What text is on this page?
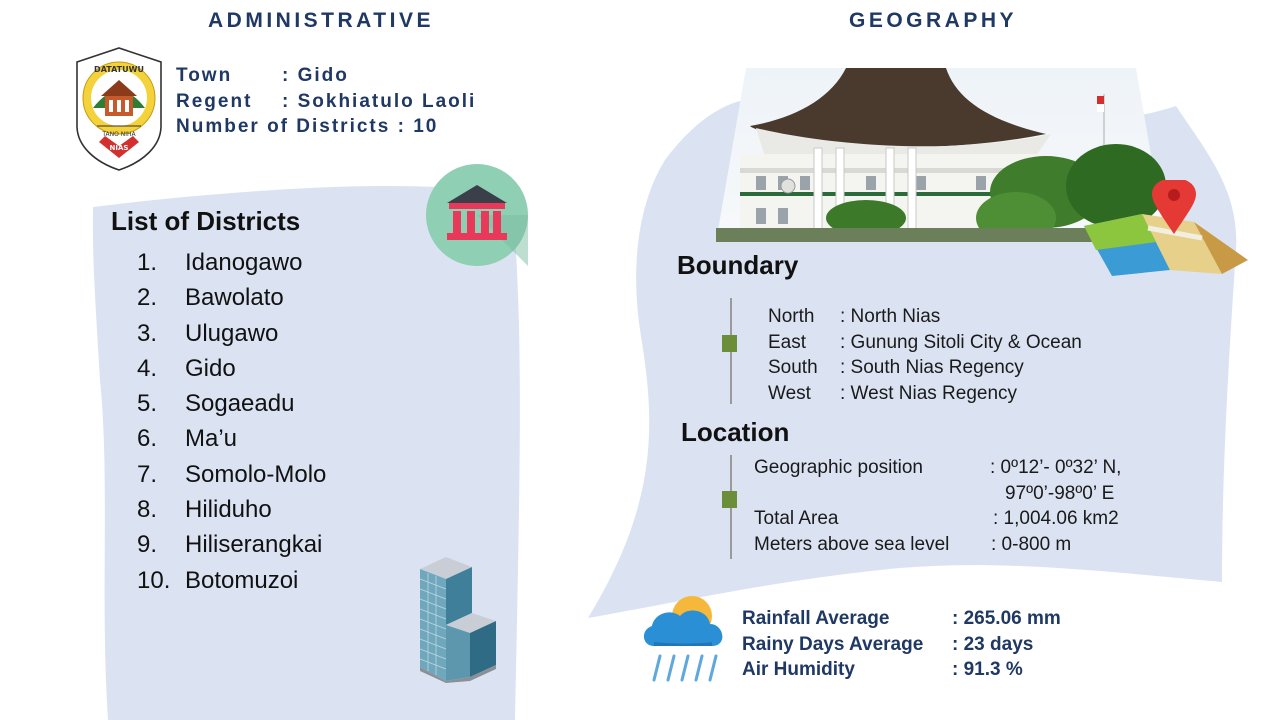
ADMINISTRATIVE	GEOGRAPHY
DATATUWU
TANO NIHA
NIAS
Town	: Gido
Regent : Sokhiatulo Laoli
Number of Districts : 10
List of Districts
1. Idanogawo
2. Bawolato
3. Ulugawo
4. Gido
5. Sogaeadu
6. Ma’u
7. Somolo-Molo
8. Hiliduho
9. Hiliserangkai
10. Botomuzoi
Boundary
North : North Nias
East : Gunung Sitoli City & Ocean
South : South Nias Regency
West : West Nias Regency
Location
Geographic position	: 0º12’- 0º32’ N,
97º0’-98º0’ E
Total Area	: 1,004.06 km2
Meters above sea level : 0-800 m
Rainfall Average	: 265.06 mm
Rainy Days Average : 23 days
Air Humidity	: 91.3 %
